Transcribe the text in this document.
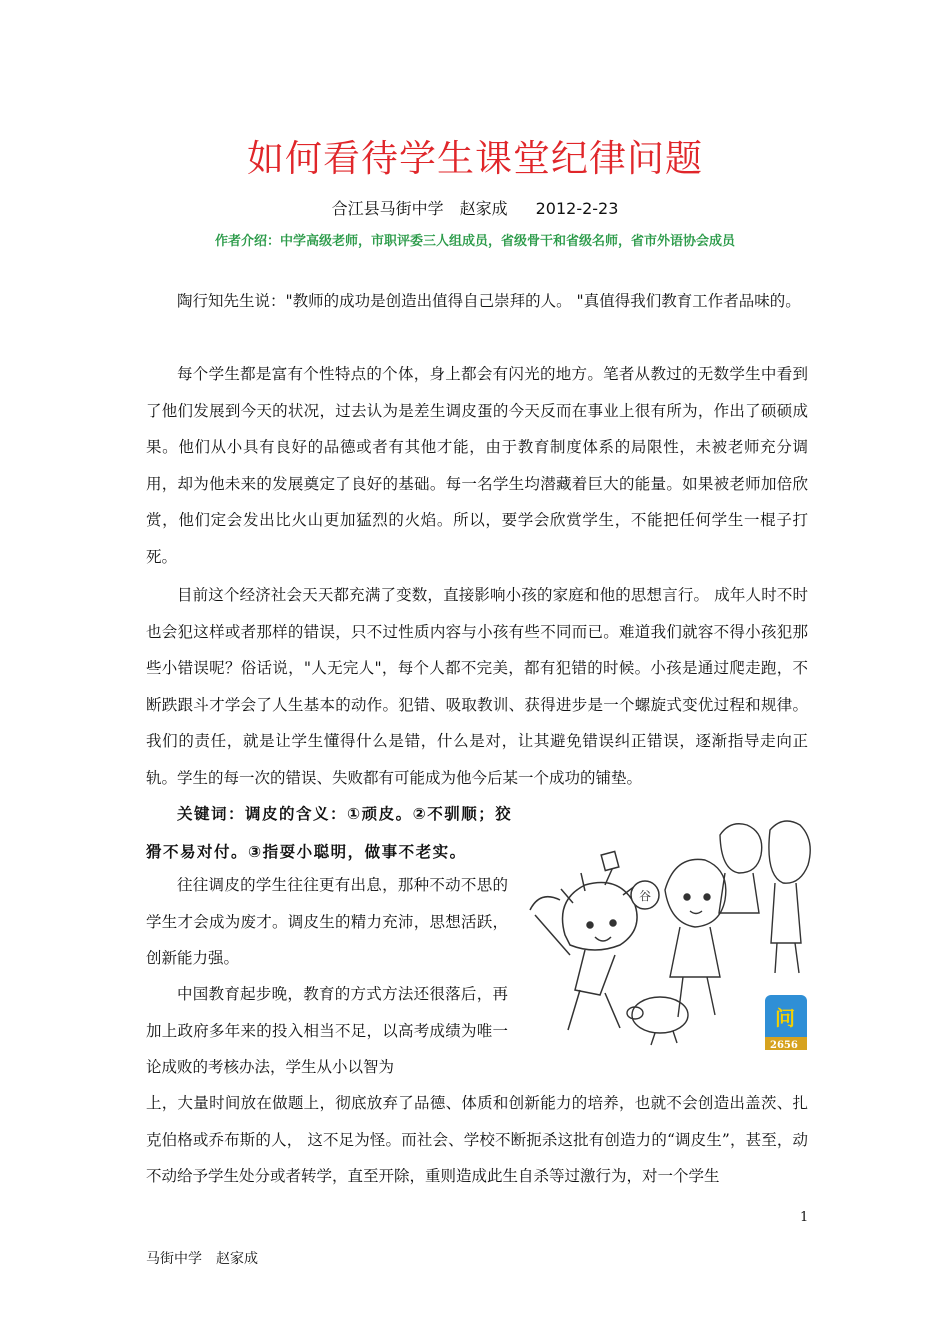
如何看待学生课堂纪律问题
合江县马街中学　赵家成 2012-2-23
作者介绍：中学高级老师，市职评委三人组成员，省级骨干和省级名师，省市外语协会成员
陶行知先生说："教师的成功是创造出值得自己崇拜的人。 "真值得我们教育工作者品味的。
每个学生都是富有个性特点的个体，身上都会有闪光的地方。笔者从教过的无数学生中看到了他们发展到今天的状况，过去认为是差生调皮蛋的今天反而在事业上很有所为，作出了硕硕成果。他们从小具有良好的品德或者有其他才能，由于教育制度体系的局限性，未被老师充分调用，却为他未来的发展奠定了良好的基础。每一名学生均潜藏着巨大的能量。如果被老师加倍欣赏，他们定会发出比火山更加猛烈的火焰。所以，要学会欣赏学生，不能把任何学生一棍子打死。
目前这个经济社会天天都充满了变数，直接影响小孩的家庭和他的思想言行。 成年人时不时也会犯这样或者那样的错误，只不过性质内容与小孩有些不同而已。难道我们就容不得小孩犯那些小错误呢？俗话说，"人无完人"，每个人都不完美，都有犯错的时候。小孩是通过爬走跑，不断跌跟斗才学会了人生基本的动作。犯错、吸取教训、获得进步是一个螺旋式变优过程和规律。我们的责任，就是让学生懂得什么是错，什么是对，让其避免错误纠正错误，逐渐指导走向正轨。学生的每一次的错误、失败都有可能成为他今后某一个成功的铺垫。
关键词：调皮的含义：①顽皮。②不驯顺；狡猾不易对付。③指耍小聪明，做事不老实。
往往调皮的学生往往更有出息，那种不动不思的学生才会成为废才。调皮生的精力充沛，思想活跃，创新能力强。
中国教育起步晚，教育的方式方法还很落后，再加上政府多年来的投入相当不足，以高考成绩为唯一论成败的考核办法，学生从小以智为
上，大量时间放在做题上，彻底放弃了品德、体质和创新能力的培养，也就不会创造出盖茨、扎克伯格或乔布斯的人， 这不足为怪。而社会、学校不断扼杀这批有创造力的“调皮生”，甚至，动不动给予学生处分或者转学，直至开除，重则造成此生自杀等过激行为，对一个学生
谷
问
2656
1
马街中学　赵家成
